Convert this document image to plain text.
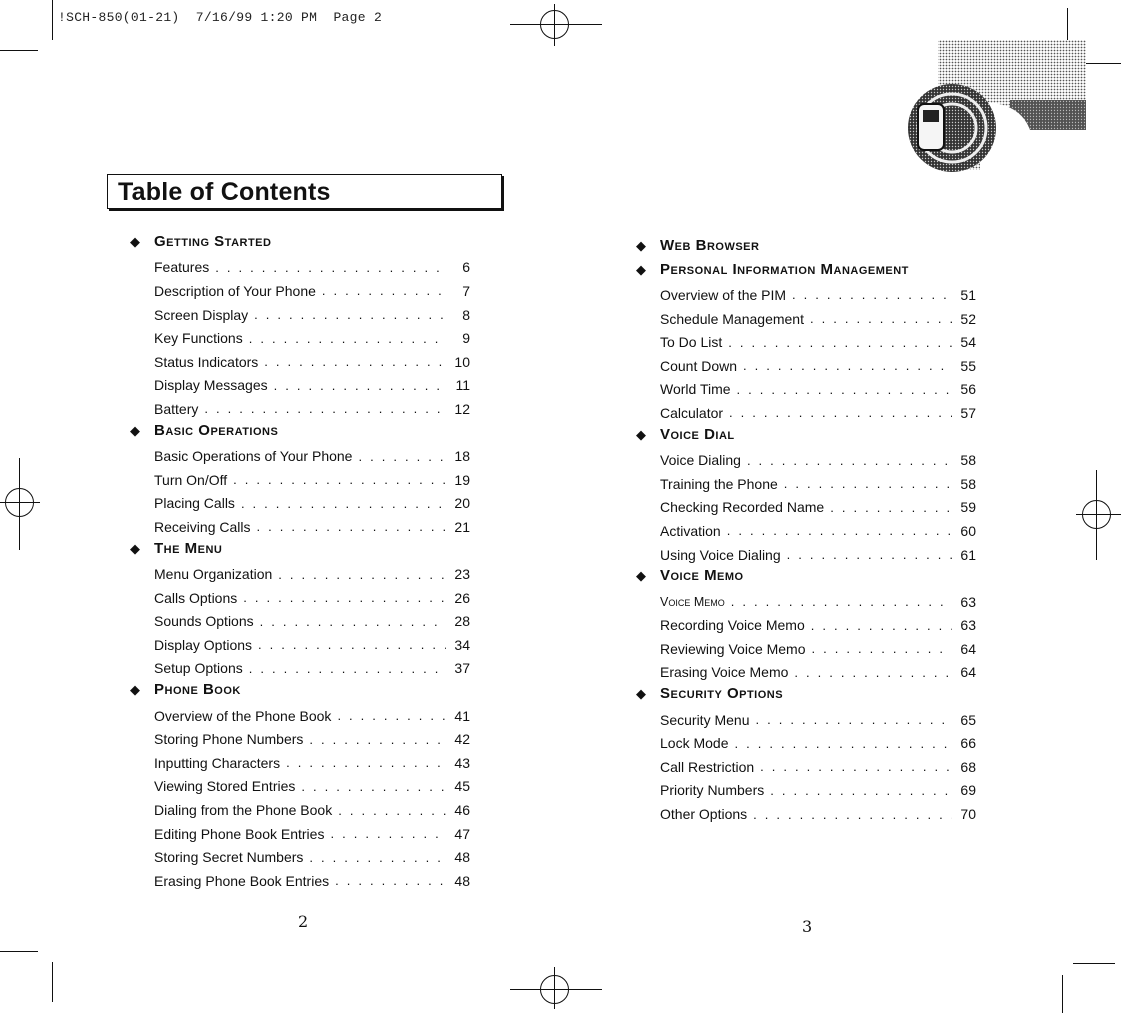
!SCH-850(01-21)  7/16/99 1:20 PM  Page 2
Table of Contents
◆ Getting Started
Features . . .	6
Description of Your Phone . . .	7
Screen Display . . .	8
Key Functions . . .	9
Status Indicators . . .	10
Display Messages . . .	11
Battery . . .	12
◆ Basic Operations
Basic Operations of Your Phone . . .	18
Turn On/Off . . .	19
Placing Calls . . .	20
Receiving Calls . . .	21
◆ The Menu
Menu Organization . . .	23
Calls Options . . .	26
Sounds Options . . .	28
Display Options . . .	34
Setup Options . . .	37
◆ Phone Book
Overview of the Phone Book . . .	41
Storing Phone Numbers . . .	42
Inputting Characters . . .	43
Viewing Stored Entries . . .	45
Dialing from the Phone Book . . .	46
Editing Phone Book Entries . . .	47
Storing Secret Numbers . . .	48
Erasing Phone Book Entries . . .	48
◆ Web Browser
◆ Personal Information Management
Overview of the PIM . . .	51
Schedule Management . . .	52
To Do List . . .	54
Count Down . . .	55
World Time . . .	56
Calculator . . .	57
◆ Voice Dial
Voice Dialing . . .	58
Training the Phone . . .	58
Checking Recorded Name . . .	59
Activation . . .	60
Using Voice Dialing . . .	61
◆ Voice Memo
Voice Memo . . .	63
Recording Voice Memo . . .	63
Reviewing Voice Memo . . .	64
Erasing Voice Memo . . .	64
◆ Security Options
Security Menu . . .	65
Lock Mode . . .	66
Call Restriction . . .	68
Priority Numbers . . .	69
Other Options . . .	70
2	3
